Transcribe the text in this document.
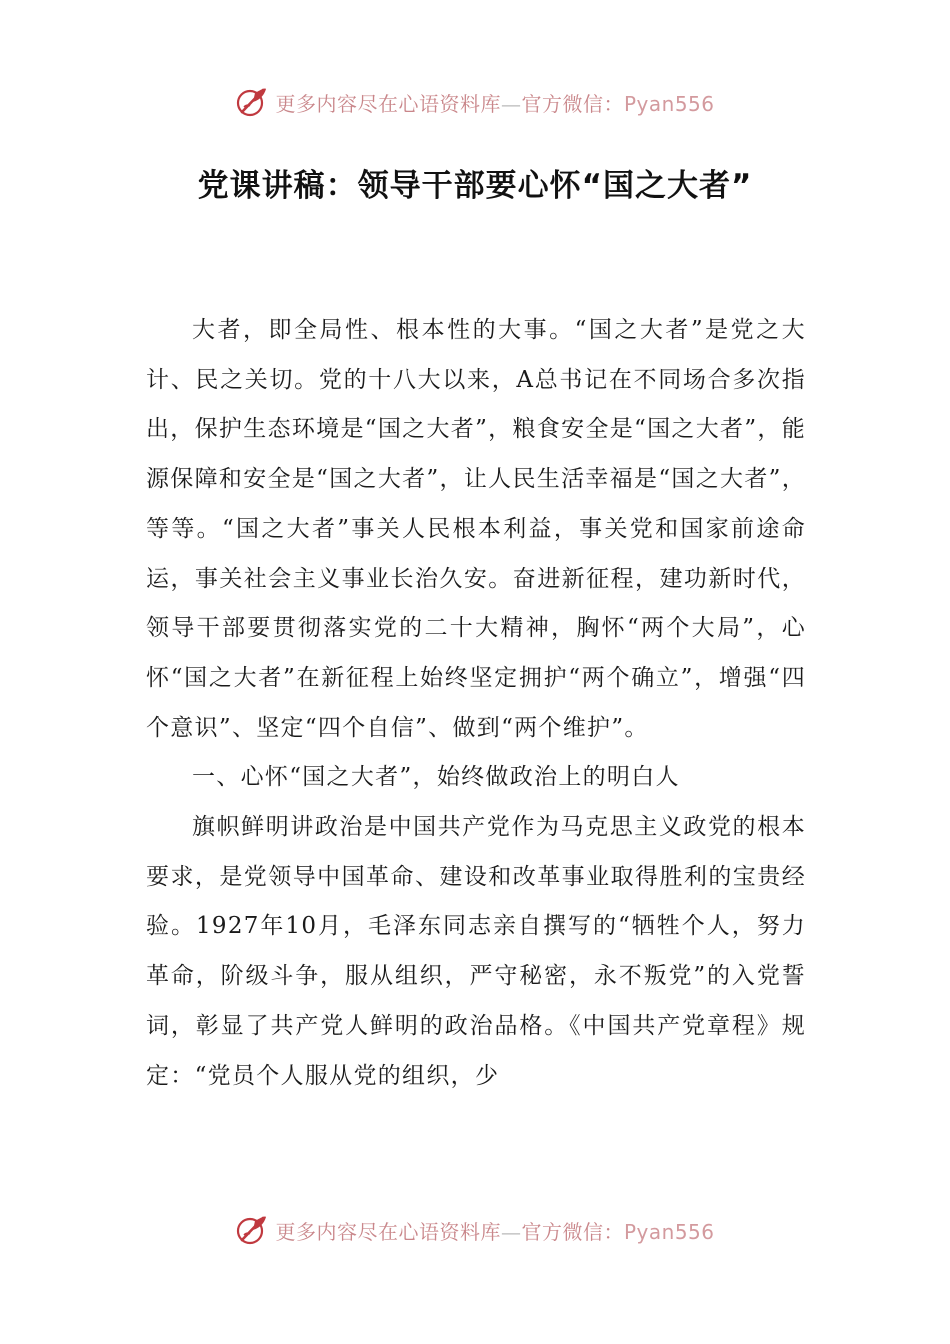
更多内容尽在心语资料库—官方微信：Pyan556
党课讲稿：领导干部要心怀“国之大者”

大者，即全局性、根本性的大事。“国之大者”是党之大计、民之关切。党的十八大以来，A总书记在不同场合多次指出，保护生态环境是“国之大者”，粮食安全是“国之大者”，能源保障和安全是“国之大者”，让人民生活幸福是“国之大者”，等等。“国之大者”事关人民根本利益，事关党和国家前途命运，事关社会主义事业长治久安。奋进新征程，建功新时代，领导干部要贯彻落实党的二十大精神，胸怀“两个大局”，心怀“国之大者”在新征程上始终坚定拥护“两个确立”，增强“四个意识”、坚定“四个自信”、做到“两个维护”。

一、心怀“国之大者”，始终做政治上的明白人

旗帜鲜明讲政治是中国共产党作为马克思主义政党的根本要求，是党领导中国革命、建设和改革事业取得胜利的宝贵经验。1927年10月，毛泽东同志亲自撰写的“牺牲个人，努力革命，阶级斗争，服从组织，严守秘密，永不叛党”的入党誓词，彰显了共产党人鲜明的政治品格。《中国共产党章程》规定：“党员个人服从党的组织，少

更多内容尽在心语资料库—官方微信：Pyan556
